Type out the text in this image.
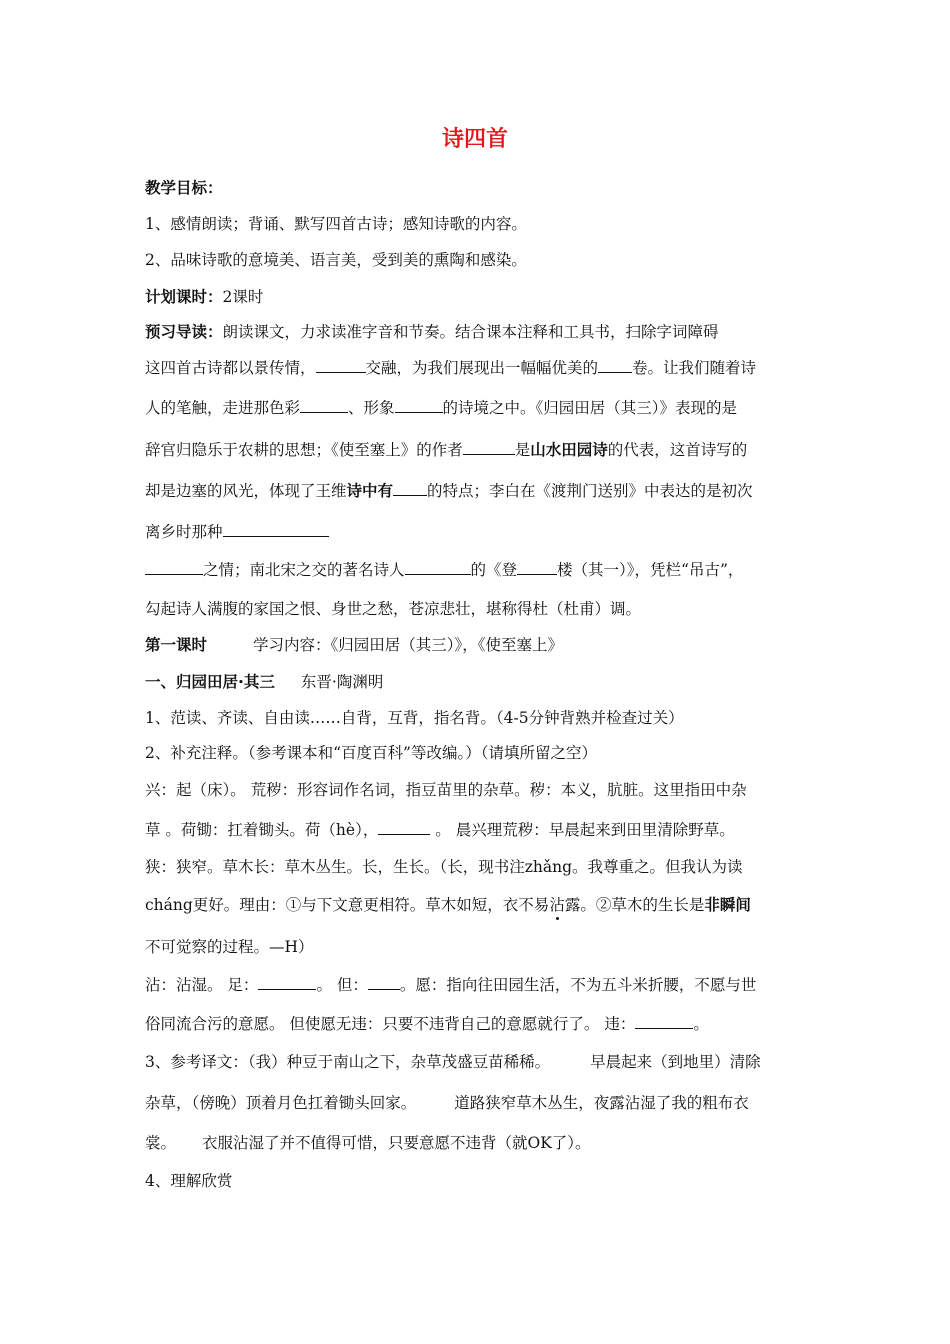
诗四首
教学目标：
1、感情朗读；背诵、默写四首古诗；感知诗歌的内容。
2、品味诗歌的意境美、语言美，受到美的熏陶和感染。
计划课时：2课时
预习导读：朗读课文，力求读准字音和节奏。结合课本注释和工具书，扫除字词障碍
这四首古诗都以景传情，	交融，为我们展现出一幅幅优美的 卷。让我们随着诗
人的笔触，走进那色彩	、形象	的诗境之中。《归园田居（其三）》表现的是
辞官归隐乐于农耕的思想；《使至塞上》的作者	是山水田园诗的代表，这首诗写的
却是边塞的风光，体现了王维诗中有 的特点；李白在《渡荆门送别》中表达的是初次
离乡时那种
之情；南北宋之交的著名诗人	的《登	楼（其一）》，凭栏“吊古”，
勾起诗人满腹的家国之恨、身世之愁，苍凉悲壮，堪称得杜（杜甫）调。
第一课时	学习内容：《归园田居（其三）》，《使至塞上》
一、归园田居·其三 东晋·陶渊明
1、范读、齐读、自由读……自背，互背，指名背。（4-5分钟背熟并检查过关）
2、补充注释。（参考课本和“百度百科”等改编。）（请填所留之空）
兴：起（床）。 荒秽：形容词作名词，指豆苗里的杂草。秽：本义，肮脏。这里指田中杂
草 。荷锄：扛着锄头。荷（hè），	。 晨兴理荒秽：早晨起来到田里清除野草。
狭：狭窄。草木长：草木丛生。长，生长。（长，现书注zhǎng。我尊重之。但我认为读
cháng更好。理由：①与下文意更相符。草木如短，衣不易沾露。②草木的生长是非瞬间
不可觉察的过程。—H）
沾：沾湿。 足：	。 但： 。愿：指向往田园生活，不为五斗米折腰，不愿与世
俗同流合污的意愿。 但使愿无违：只要不违背自己的意愿就行了。 违：	。
3、参考译文：（我）种豆于南山之下，杂草茂盛豆苗稀稀。	早晨起来（到地里）清除
杂草，（傍晚）顶着月色扛着锄头回家。 道路狭窄草木丛生，夜露沾湿了我的粗布衣
裳。 衣服沾湿了并不值得可惜，只要意愿不违背（就OK了）。
4、理解欣赏
